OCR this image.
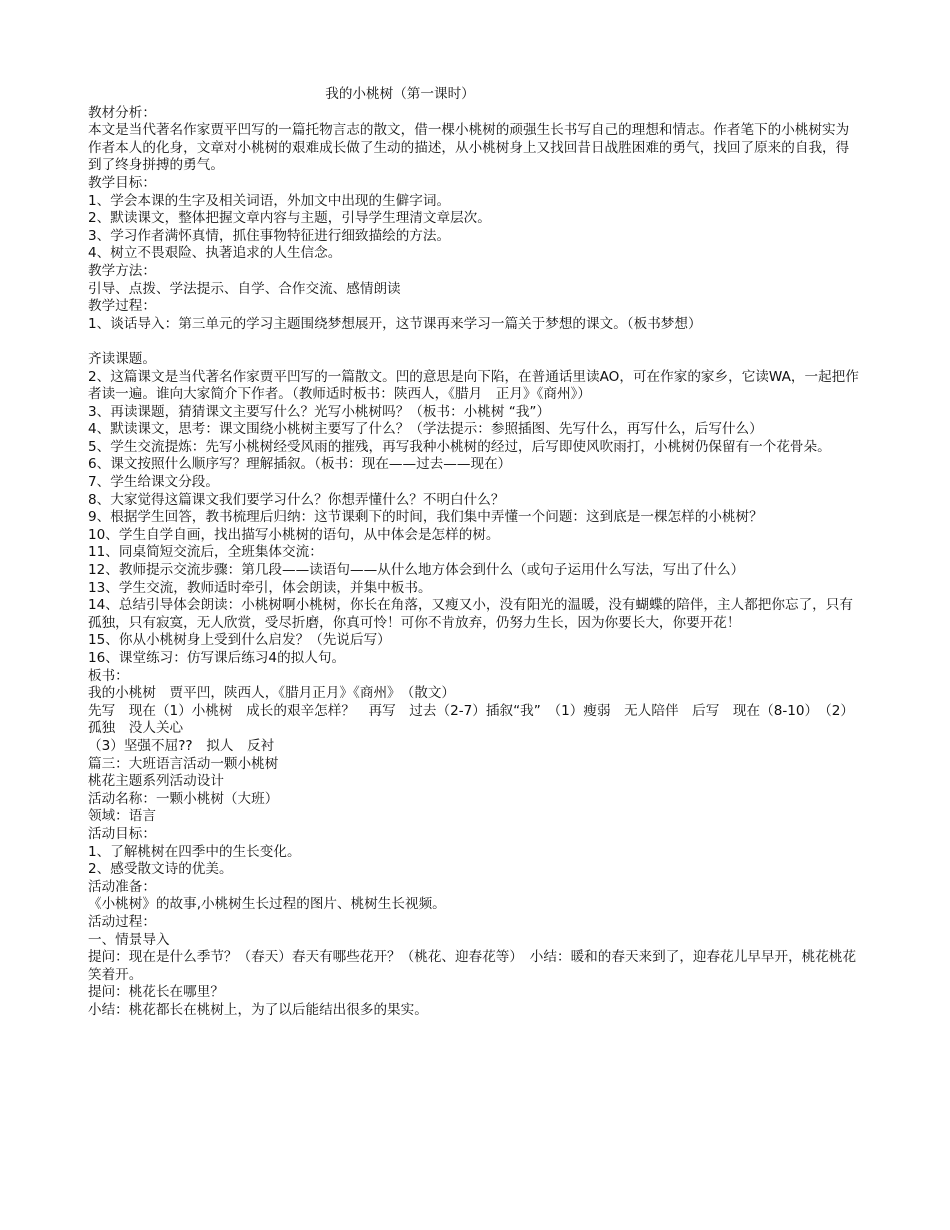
我的小桃树（第一课时）
教材分析：
本文是当代著名作家贾平凹写的一篇托物言志的散文，借一棵小桃树的顽强生长书写自己的理想和情志。作者笔下的小桃树实为作者本人的化身，文章对小桃树的艰难成长做了生动的描述，从小桃树身上又找回昔日战胜困难的勇气，找回了原来的自我，得到了终身拼搏的勇气。
教学目标：
1、学会本课的生字及相关词语，外加文中出现的生僻字词。
2、默读课文，整体把握文章内容与主题，引导学生理清文章层次。
3、学习作者满怀真情，抓住事物特征进行细致描绘的方法。
4、树立不畏艰险、执著追求的人生信念。
教学方法：
引导、点拨、学法提示、自学、合作交流、感情朗读
教学过程：
1、谈话导入：第三单元的学习主题围绕梦想展开，这节课再来学习一篇关于梦想的课文。（板书梦想）
齐读课题。
2、这篇课文是当代著名作家贾平凹写的一篇散文。凹的意思是向下陷，在普通话里读AO，可在作家的家乡，它读WA，一起把作者读一遍。谁向大家简介下作者。（教师适时板书：陕西人，《腊月　正月》《商州》）
3、再读课题，猜猜课文主要写什么？光写小桃树吗？（板书：小桃树 “我”）
4、默读课文，思考：课文围绕小桃树主要写了什么？（学法提示：参照插图、先写什么，再写什么，后写什么）
5、学生交流提炼：先写小桃树经受风雨的摧残，再写我种小桃树的经过，后写即使风吹雨打，小桃树仍保留有一个花骨朵。
6、课文按照什么顺序写？理解插叙。（板书：现在——过去——现在）
7、学生给课文分段。
8、大家觉得这篇课文我们要学习什么？你想弄懂什么？不明白什么？
9、根据学生回答，教书梳理后归纳：这节课剩下的时间，我们集中弄懂一个问题：这到底是一棵怎样的小桃树？
10、学生自学自画，找出描写小桃树的语句，从中体会是怎样的树。
11、同桌简短交流后，全班集体交流：
12、教师提示交流步骤：第几段——读语句——从什么地方体会到什么（或句子运用什么写法，写出了什么）
13、学生交流，教师适时牵引，体会朗读，并集中板书。
14、总结引导体会朗读：小桃树啊小桃树，你长在角落，又瘦又小，没有阳光的温暖，没有蝴蝶的陪伴，主人都把你忘了，只有孤独，只有寂寞，无人欣赏，受尽折磨，你真可怜！可你不肯放弃，仍努力生长，因为你要长大，你要开花！
15、你从小桃树身上受到什么启发？（先说后写）
16、课堂练习：仿写课后练习4的拟人句。
板书：
我的小桃树　贾平凹，陕西人，《腊月正月》《商州》　（散文）
先写　现在（1）小桃树　成长的艰辛怎样？　再写　过去（2-7）插叙“我”　（1）瘦弱　无人陪伴　后写　现在（8-10）　（2）孤独　没人关心
（3）坚强不屈??　拟人　反衬
篇三：大班语言活动一颗小桃树
桃花主题系列活动设计
活动名称：一颗小桃树（大班）
领域：语言
活动目标：
1、了解桃树在四季中的生长变化。
2、感受散文诗的优美。
活动准备：
《小桃树》的故事,小桃树生长过程的图片、桃树生长视频。
活动过程：
一、情景导入
提问：现在是什么季节？（春天）春天有哪些花开？（桃花、迎春花等）　小结：暖和的春天来到了，迎春花儿早早开，桃花桃花笑着开。
提问：桃花长在哪里？
小结：桃花都长在桃树上，为了以后能结出很多的果实。
